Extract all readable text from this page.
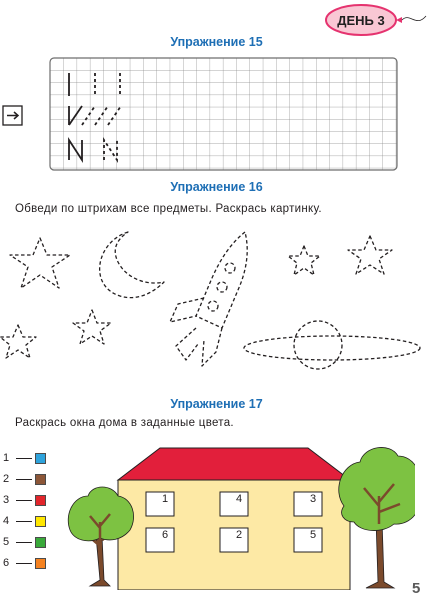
ДЕНЬ 3
Упражнение 15
Упражнение 16
Обведи по штрихам все предметы. Раскрась картинку.
Упражнение 17
Раскрась окна дома в заданные цвета.
1
2
3
4
5
6
1	4	3
6	2	5
5
